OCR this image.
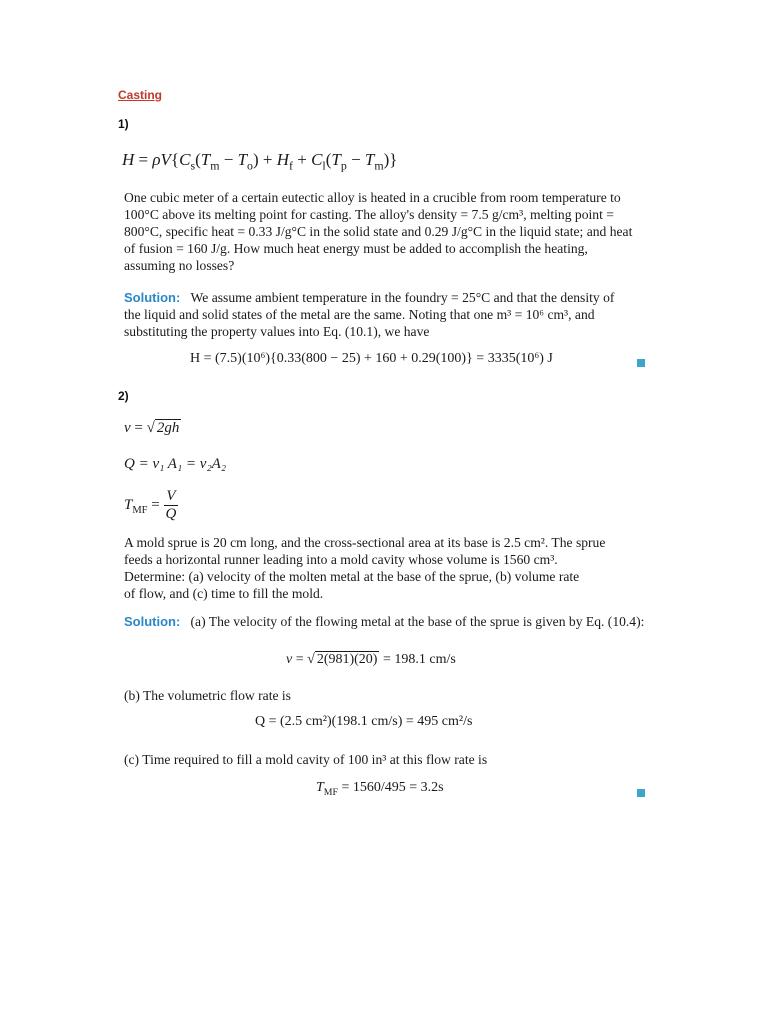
Casting
1)
$H = \rho V\{C_s(T_m - T_o) + H_f + C_l(T_p - T_m)\}$

One cubic meter of a certain eutectic alloy is heated in a crucible from room temperature to

100°C above its melting point for casting. The alloy's density = 7.5 g/cm³, melting point =

800°C, specific heat = 0.33 J/g°C in the solid state and 0.29 J/g°C in the liquid state; and heat

of fusion = 160 J/g. How much heat energy must be added to accomplish the heating,

assuming no losses?

Solution: We assume ambient temperature in the foundry = 25°C and that the density of

the liquid and solid states of the metal are the same. Noting that one m³ = 10⁶ cm³, and

substituting the property values into Eq. (10.1), we have

H = (7.5)(10⁶){0.33(800 − 25) + 160 + 0.29(100)} = 3335(10⁶) J
2)
v = √ 2gh
Q = v₁ A₁ = v₂A₂
$T_{MF} = \frac{V}{Q}$

A mold sprue is 20 cm long, and the cross-sectional area at its base is 2.5 cm². The sprue

feeds a horizontal runner leading into a mold cavity whose volume is 1560 cm³.

Determine: (a) velocity of the molten metal at the base of the sprue, (b) volume rate

of flow, and (c) time to fill the mold.

Solution: (a) The velocity of the flowing metal at the base of the sprue is given by Eq. (10.4):

v = √ 2(981)(20) = 198.1 cm/s
(b) The volumetric flow rate is
Q = (2.5 cm²)(198.1 cm/s) = 495 cm²/s
(c) Time required to fill a mold cavity of 100 in³ at this flow rate is
$T_{MF} = 1560/495 = 3.2s$
